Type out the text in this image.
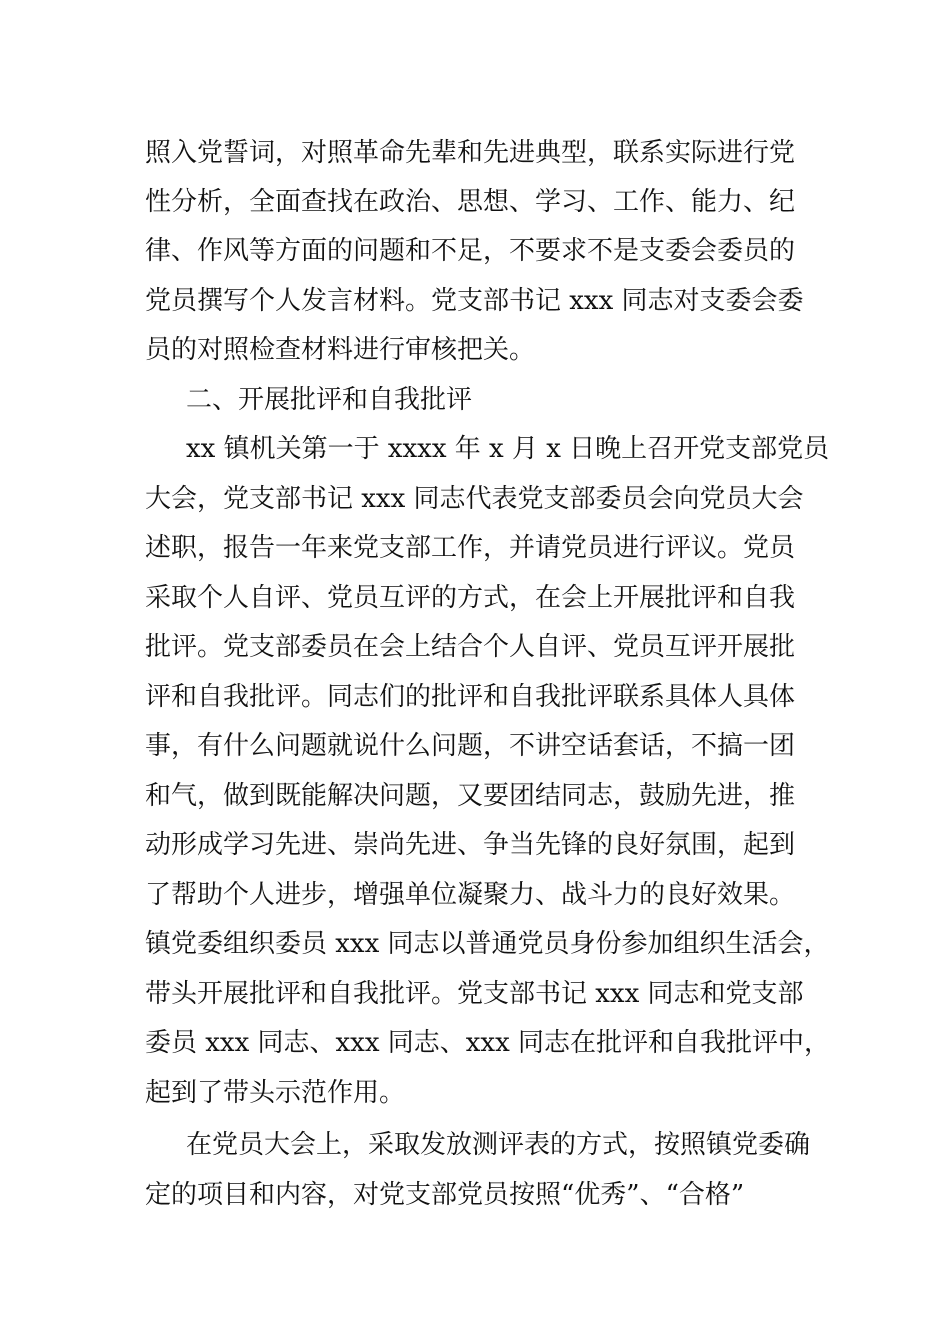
照入党誓词，对照革命先辈和先进典型，联系实际进行党
性分析，全面查找在政治、思想、学习、工作、能力、纪
律、作风等方面的问题和不足，不要求不是支委会委员的
党员撰写个人发言材料。党支部书记 xxx 同志对支委会委
员的对照检查材料进行审核把关。
二、开展批评和自我批评
xx 镇机关第一于 xxxx 年 x 月 x 日晚上召开党支部党员
大会，党支部书记 xxx 同志代表党支部委员会向党员大会
述职，报告一年来党支部工作，并请党员进行评议。党员
采取个人自评、党员互评的方式，在会上开展批评和自我
批评。党支部委员在会上结合个人自评、党员互评开展批
评和自我批评。同志们的批评和自我批评联系具体人具体
事，有什么问题就说什么问题，不讲空话套话，不搞一团
和气，做到既能解决问题，又要团结同志，鼓励先进，推
动形成学习先进、崇尚先进、争当先锋的良好氛围，起到
了帮助个人进步，增强单位凝聚力、战斗力的良好效果。
镇党委组织委员 xxx 同志以普通党员身份参加组织生活会，
带头开展批评和自我批评。党支部书记 xxx 同志和党支部
委员 xxx 同志、xxx 同志、xxx 同志在批评和自我批评中，
起到了带头示范作用。
在党员大会上，采取发放测评表的方式，按照镇党委确
定的项目和内容，对党支部党员按照“优秀”、“合格”
